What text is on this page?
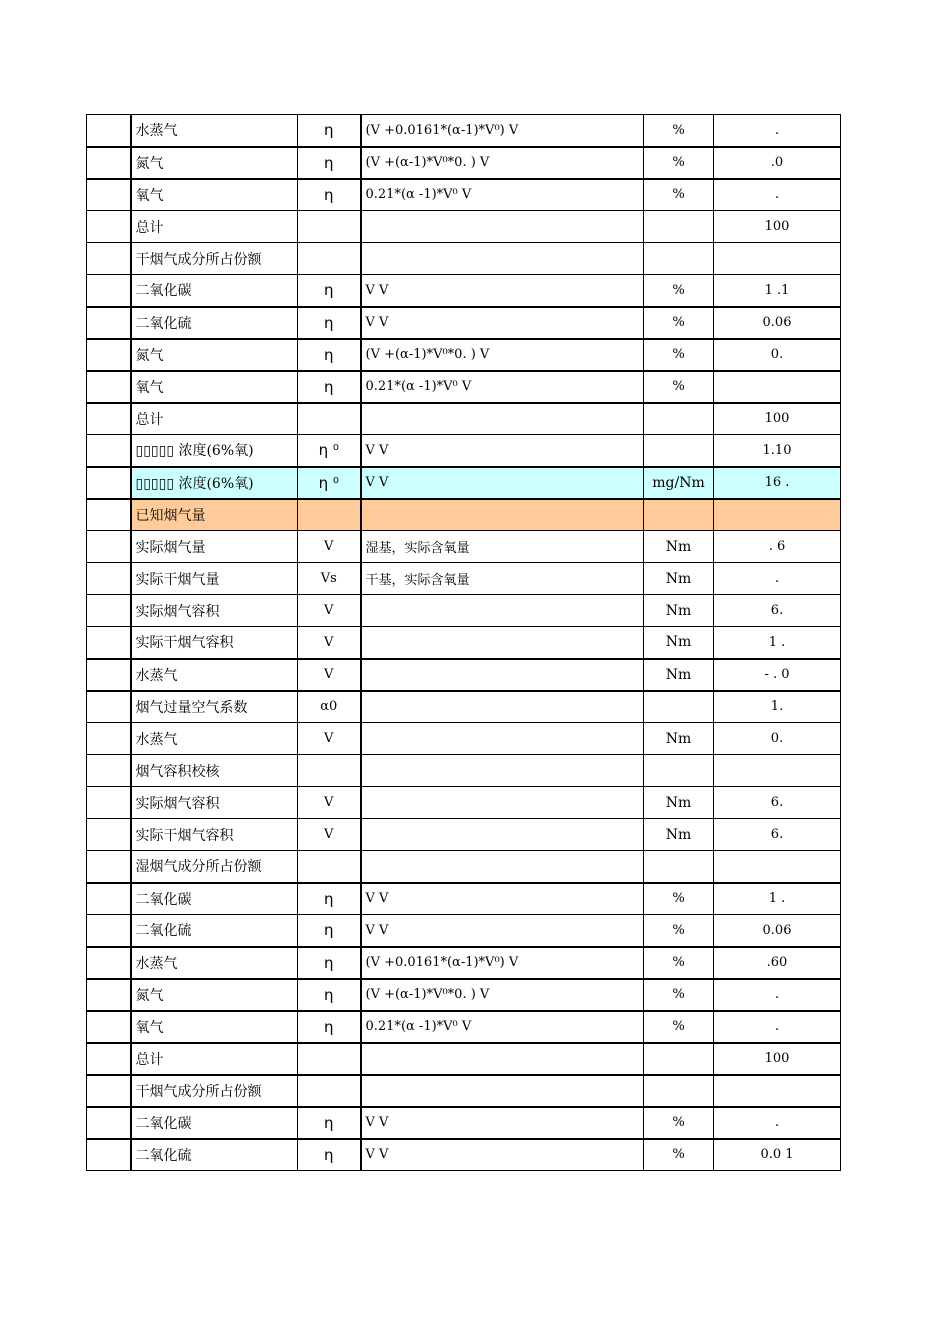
	水蒸气	η	(V +0.0161*(α-1)*V⁰) V	%	.
	氮气	η	(V +(α-1)*V⁰*0. ) V	%	.0
	氧气	η	0.21*(α -1)*V⁰ V	%	.
	总计				100
	干烟气成分所占份额				
	二氧化碳	η	V V	%	1 .1
	二氧化硫	η	V V	%	0.06
	氮气	η	(V +(α-1)*V⁰*0. ) V	%	0.
	氧气	η	0.21*(α -1)*V⁰ V	%	
	总计				100
	▯▯▯▯▯ 浓度(6%氧)	η ⁰	V V		1.10
	▯▯▯▯▯ 浓度(6%氧)	η ⁰	V V	mg/Nm	16 .
	已知烟气量				
	实际烟气量	V	湿基，实际含氧量	Nm	. 6
	实际干烟气量	Vs	干基，实际含氧量	Nm	.
	实际烟气容积	V		Nm	6.
	实际干烟气容积	V		Nm	1 .
	水蒸气	V		Nm	- . 0
	烟气过量空气系数	α0			1.
	水蒸气	V		Nm	0.
	烟气容积校核				
	实际烟气容积	V		Nm	6.
	实际干烟气容积	V		Nm	6.
	湿烟气成分所占份额				
	二氧化碳	η	V V	%	1 .
	二氧化硫	η	V V	%	0.06
	水蒸气	η	(V +0.0161*(α-1)*V⁰) V	%	.60
	氮气	η	(V +(α-1)*V⁰*0. ) V	%	.
	氧气	η	0.21*(α -1)*V⁰ V	%	.
	总计				100
	干烟气成分所占份额				
	二氧化碳	η	V V	%	.
	二氧化硫	η	V V	%	0.0 1
